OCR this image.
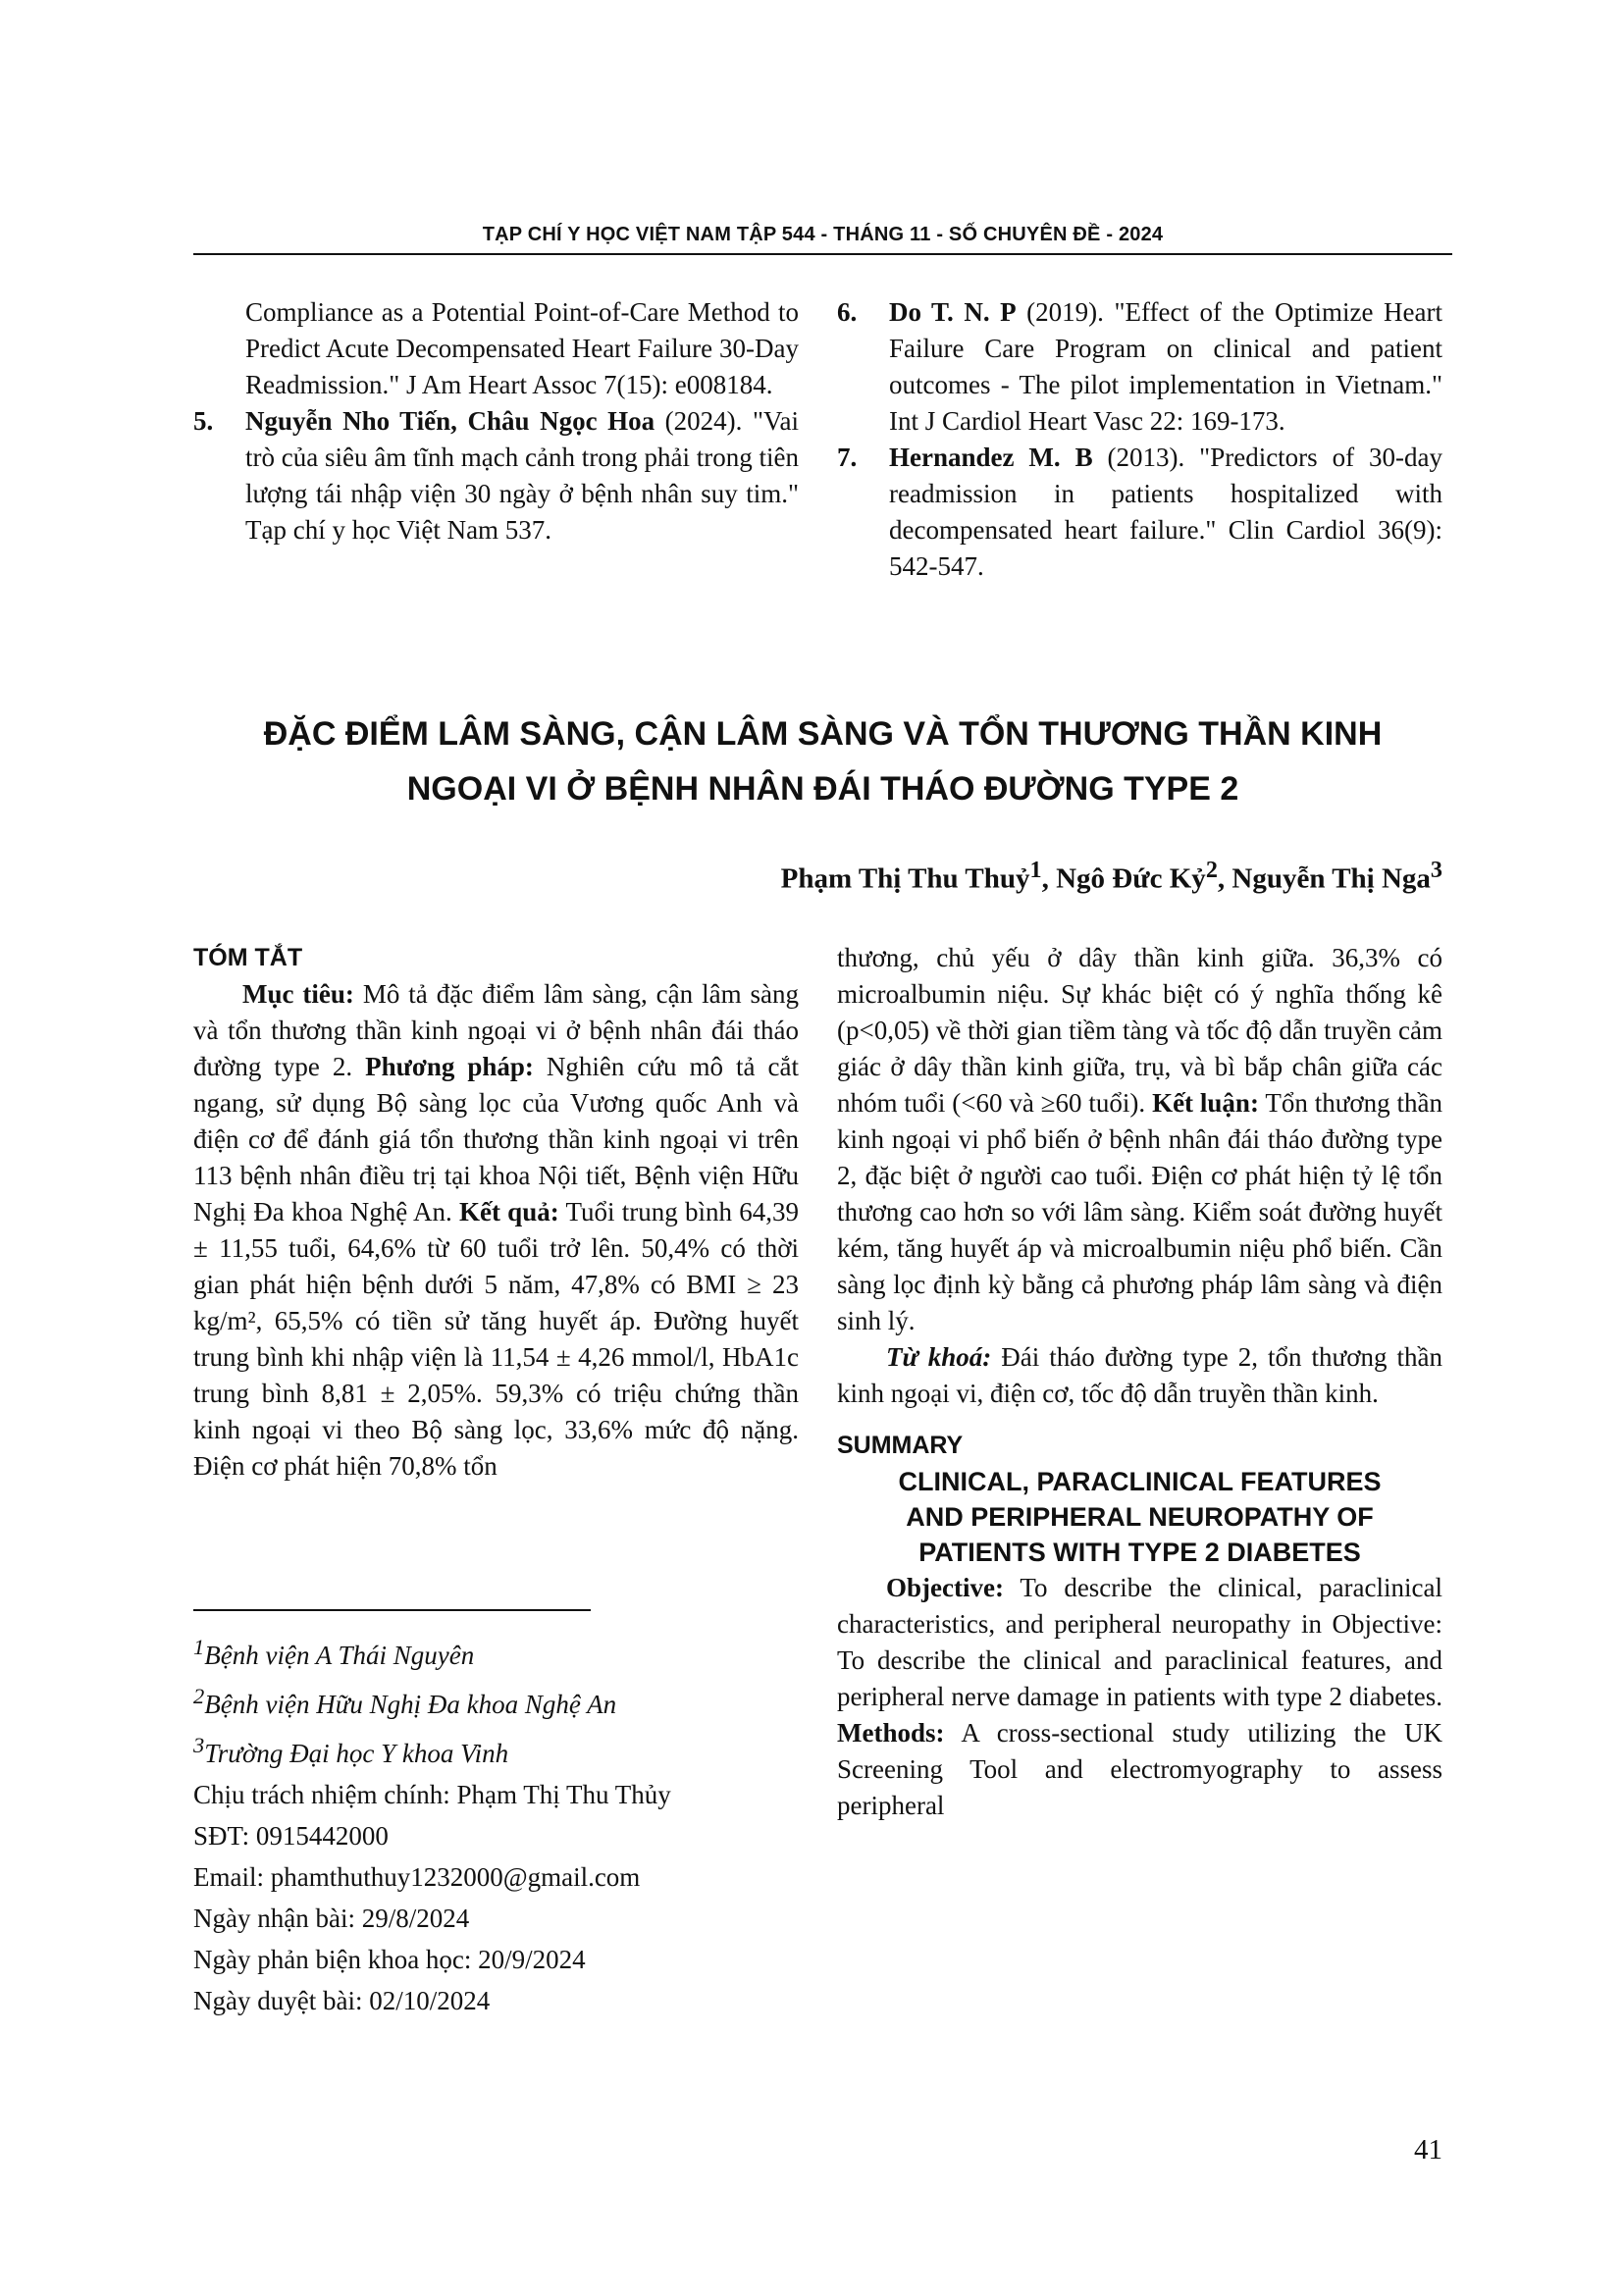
TẠP CHÍ Y HỌC VIỆT NAM TẬP 544 - THÁNG 11 - SỐ CHUYÊN ĐỀ - 2024

Compliance as a Potential Point-of-Care Method to Predict Acute Decompensated Heart Failure 30-Day Readmission." J Am Heart Assoc 7(15): e008184.

5.	Nguyễn Nho Tiến, Châu Ngọc Hoa (2024). "Vai trò của siêu âm tĩnh mạch cảnh trong phải trong tiên lượng tái nhập viện 30 ngày ở bệnh nhân suy tim." Tạp chí y học Việt Nam 537.
6.	Do T. N. P (2019). "Effect of the Optimize Heart Failure Care Program on clinical and patient outcomes - The pilot implementation in Vietnam." Int J Cardiol Heart Vasc 22: 169-173.
7.	Hernandez M. B (2013). "Predictors of 30-day readmission in patients hospitalized with decompensated heart failure." Clin Cardiol 36(9): 542-547.
ĐẶC ĐIỂM LÂM SÀNG, CẬN LÂM SÀNG VÀ TỔN THƯƠNG THẦN KINH
NGOẠI VI Ở BỆNH NHÂN ĐÁI THÁO ĐƯỜNG TYPE 2
Phạm Thị Thu Thuỷ$^1$, Ngô Đức Kỷ$^2$, Nguyễn Thị Nga$^3$
TÓM TẮT

Mục tiêu: Mô tả đặc điểm lâm sàng, cận lâm sàng và tổn thương thần kinh ngoại vi ở bệnh nhân đái tháo đường type 2. Phương pháp: Nghiên cứu mô tả cắt ngang, sử dụng Bộ sàng lọc của Vương quốc Anh và điện cơ để đánh giá tổn thương thần kinh ngoại vi trên 113 bệnh nhân điều trị tại khoa Nội tiết, Bệnh viện Hữu Nghị Đa khoa Nghệ An. Kết quả: Tuổi trung bình 64,39 ± 11,55 tuổi, 64,6% từ 60 tuổi trở lên. 50,4% có thời gian phát hiện bệnh dưới 5 năm, 47,8% có BMI ≥ 23 kg/m², 65,5% có tiền sử tăng huyết áp. Đường huyết trung bình khi nhập viện là 11,54 ± 4,26 mmol/l, HbA1c trung bình 8,81 ± 2,05%. 59,3% có triệu chứng thần kinh ngoại vi theo Bộ sàng lọc, 33,6% mức độ nặng. Điện cơ phát hiện 70,8% tổn

$^1$Bệnh viện A Thái Nguyên
$^2$Bệnh viện Hữu Nghị Đa khoa Nghệ An
$^3$Trường Đại học Y khoa Vinh
Chịu trách nhiệm chính: Phạm Thị Thu Thủy
SĐT: 0915442000
Email: phamthuthuy1232000@gmail.com
Ngày nhận bài: 29/8/2024
Ngày phản biện khoa học: 20/9/2024
Ngày duyệt bài: 02/10/2024

thương, chủ yếu ở dây thần kinh giữa. 36,3% có microalbumin niệu. Sự khác biệt có ý nghĩa thống kê (p<0,05) về thời gian tiềm tàng và tốc độ dẫn truyền cảm giác ở dây thần kinh giữa, trụ, và bì bắp chân giữa các nhóm tuổi (<60 và ≥60 tuổi). Kết luận: Tổn thương thần kinh ngoại vi phổ biến ở bệnh nhân đái tháo đường type 2, đặc biệt ở người cao tuổi. Điện cơ phát hiện tỷ lệ tổn thương cao hơn so với lâm sàng. Kiểm soát đường huyết kém, tăng huyết áp và microalbumin niệu phổ biến. Cần sàng lọc định kỳ bằng cả phương pháp lâm sàng và điện sinh lý.

Từ khoá: Đái tháo đường type 2, tổn thương thần kinh ngoại vi, điện cơ, tốc độ dẫn truyền thần kinh.

SUMMARY
CLINICAL, PARACLINICAL FEATURES
AND PERIPHERAL NEUROPATHY OF
PATIENTS WITH TYPE 2 DIABETES

Objective: To describe the clinical, paraclinical characteristics, and peripheral neuropathy in Objective: To describe the clinical and paraclinical features, and peripheral nerve damage in patients with type 2 diabetes. Methods: A cross-sectional study utilizing the UK Screening Tool and electromyography to assess peripheral

41
